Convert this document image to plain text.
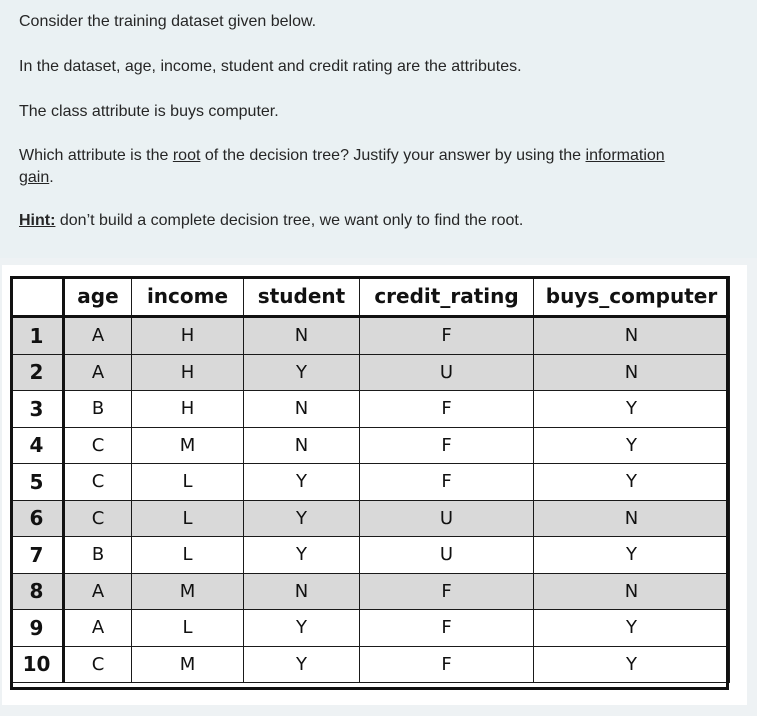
Consider the training dataset given below.
In the dataset, age, income, student and credit rating are the attributes.
The class attribute is buys computer.
Which attribute is the root of the decision tree? Justify your answer by using the information
gain.
Hint: don’t build a complete decision tree, we want only to find the root.
	age	income	student	credit_rating	buys_computer
1	A	H	N	F	N
2	A	H	Y	U	N
3	B	H	N	F	Y
4	C	M	N	F	Y
5	C	L	Y	F	Y
6	C	L	Y	U	N
7	B	L	Y	U	Y
8	A	M	N	F	N
9	A	L	Y	F	Y
10	C	M	Y	F	Y
